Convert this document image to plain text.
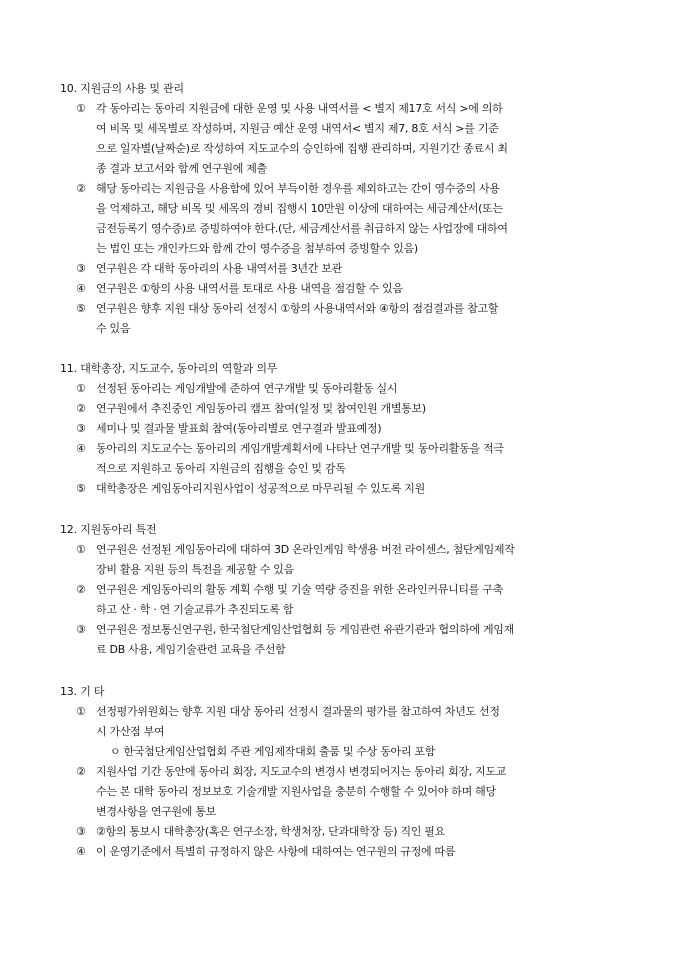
10. 지원금의 사용 및 관리
① 각 동아리는 동아리 지원금에 대한 운영 및 사용 내역서를 < 별지 제17호 서식 >에 의하
여 비목 및 세목별로 작성하며, 지원금 예산 운영 내역서< 별지 제7, 8호 서식 >를 기준
으로 일자별(날짜순)로 작성하여 지도교수의 승인하에 집행 관리하며, 지원기간 종료시 최
종 결과 보고서와 함께 연구원에 제출
② 해당 동아리는 지원금을 사용함에 있어 부득이한 경우를 제외하고는 간이 영수증의 사용
을 억제하고, 해당 비목 및 세목의 경비 집행시 10만원 이상에 대하여는 세금계산서(또는
금전등록기 영수증)로 증빙하여야 한다.(단, 세금계산서를 취급하지 않는 사업장에 대하여
는 법인 또는 개인카드와 함께 간이 영수증을 첨부하여 증빙할수 있음)
③ 연구원은 각 대학 동아리의 사용 내역서를 3년간 보관
④ 연구원은 ①항의 사용 내역서를 토대로 사용 내역을 점검할 수 있음
⑤ 연구원은 향후 지원 대상 동아리 선정시 ①항의 사용내역서와 ④항의 점검결과를 참고할
수 있음
11. 대학총장, 지도교수, 동아리의 역할과 의무
① 선정된 동아리는 게임개발에 준하여 연구개발 및 동아리활동 실시
② 연구원에서 추진중인 게임동아리 캠프 참여(일정 및 참여인원 개별통보)
③ 세미나 및 결과물 발표회 참여(동아리별로 연구결과 발표예정)
④ 동아리의 지도교수는 동아리의 게임개발계획서에 나타난 연구개발 및 동아리활동을 적극
적으로 지원하고 동아리 지원금의 집행을 승인 및 감독
⑤ 대학총장은 게임동아리지원사업이 성공적으로 마무리될 수 있도록 지원
12. 지원동아리 특전
① 연구원은 선정된 게임동아리에 대하여 3D 온라인게임 학생용 버전 라이센스, 첨단게임제작
장비 활용 지원 등의 특전을 제공할 수 있음
② 연구원은 게임동아리의 활동 계획 수행 및 기술 역량 증진을 위한 온라인커뮤니티를 구축
하고 산 · 학 · 연 기술교류가 추진되도록 함
③ 연구원은 정보통신연구원, 한국첨단게임산업협회 등 게임관련 유관기관과 협의하에 게임재
료 DB 사용, 게임기술관련 교육을 주선함
13. 기 타
① 선정평가위원회는 향후 지원 대상 동아리 선정시 결과물의 평가를 참고하여 차년도 선정
시 가산점 부여
ㅇ 한국첨단게임산업협회 주관 게임제작대회 출품 및 수상 동아리 포함
② 지원사업 기간 동안에 동아리 회장, 지도교수의 변경시 변경되어지는 동아리 회장, 지도교
수는 본 대학 동아리 정보보호 기술개발 지원사업을 충분히 수행할 수 있어야 하며 해당
변경사항을 연구원에 통보
③ ②항의 통보시 대학총장(혹은 연구소장, 학생처장, 단과대학장 등) 직인 필요
④ 이 운영기준에서 특별히 규정하지 않은 사항에 대하여는 연구원의 규정에 따름
